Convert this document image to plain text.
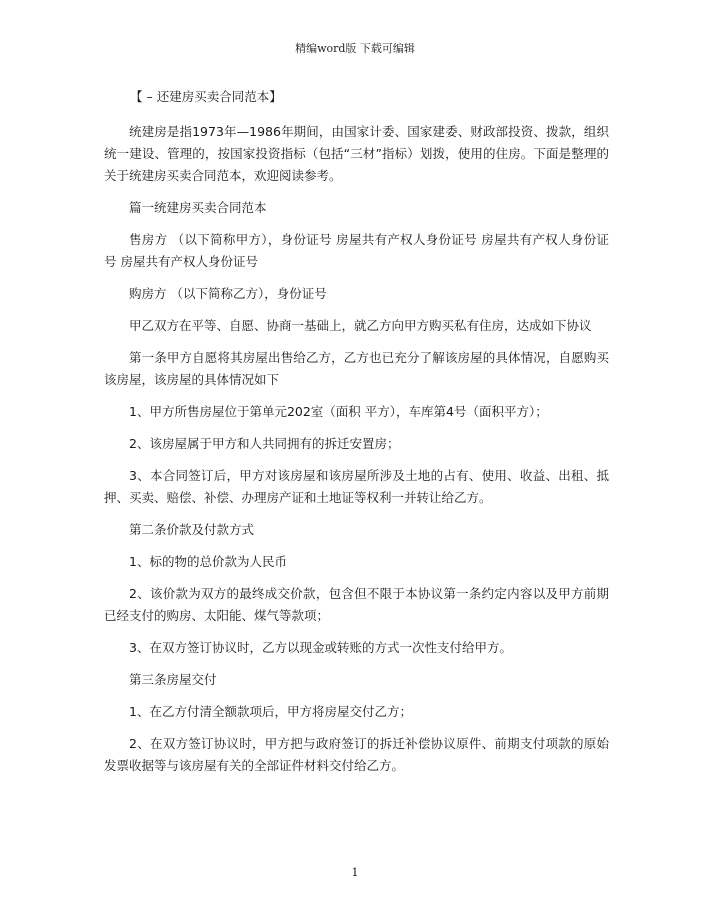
精编word版 下载可编辑

【 – 还建房买卖合同范本】

统建房是指1973年—1986年期间，由国家计委、国家建委、财政部投资、拨款，组织统一建设、管理的，按国家投资指标（包括“三材”指标）划拨，使用的住房。下面是整理的关于统建房买卖合同范本，欢迎阅读参考。

篇一统建房买卖合同范本

售房方 （以下简称甲方），身份证号 房屋共有产权人身份证号 房屋共有产权人身份证号 房屋共有产权人身份证号

购房方 （以下简称乙方），身份证号

甲乙双方在平等、自愿、协商一基础上，就乙方向甲方购买私有住房，达成如下协议

第一条甲方自愿将其房屋出售给乙方，乙方也已充分了解该房屋的具体情况，自愿购买该房屋，该房屋的具体情况如下

1、甲方所售房屋位于第单元202室（面积 平方），车库第4号（面积平方）；

2、该房屋属于甲方和人共同拥有的拆迁安置房；

3、本合同签订后，甲方对该房屋和该房屋所涉及土地的占有、使用、收益、出租、抵押、买卖、赔偿、补偿、办理房产证和土地证等权利一并转让给乙方。

第二条价款及付款方式

1、标的物的总价款为人民币

2、该价款为双方的最终成交价款，包含但不限于本协议第一条约定内容以及甲方前期已经支付的购房、太阳能、煤气等款项；

3、在双方签订协议时，乙方以现金或转账的方式一次性支付给甲方。

第三条房屋交付

1、在乙方付清全额款项后，甲方将房屋交付乙方；

2、在双方签订协议时，甲方把与政府签订的拆迁补偿协议原件、前期支付项款的原始发票收据等与该房屋有关的全部证件材料交付给乙方。

1
